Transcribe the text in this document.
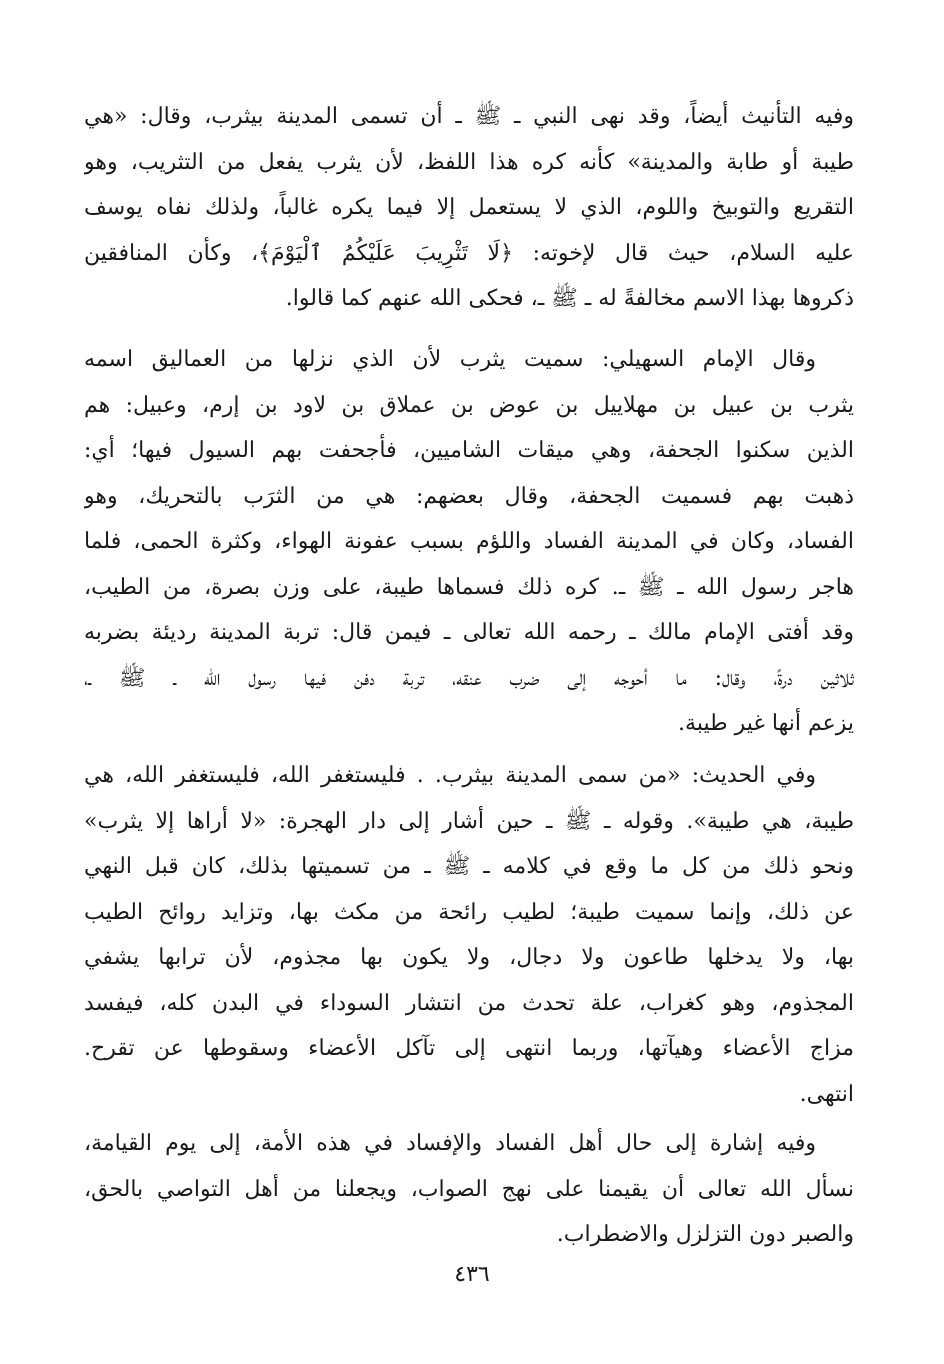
وفيه التأنيث أيضاً، وقد نهى النبي ـ ﷺ ـ أن تسمى المدينة بيثرب، وقال: «هي
طيبة أو طابة والمدينة» كأنه كره هذا اللفظ، لأن يثرب يفعل من التثريب، وهو
التقريع والتوبيخ واللوم، الذي لا يستعمل إلا فيما يكره غالباً، ولذلك نفاه يوسف
عليه السلام، حيث قال لإخوته: ﴿لَا تَثْرِيبَ عَلَيْكُمُ ٱلْيَوْمَ﴾، وكأن المنافقين
ذكروها بهذا الاسم مخالفةً له ـ ﷺ ـ، فحكى الله عنهم كما قالوا.
وقال الإمام السهيلي: سميت يثرب لأن الذي نزلها من العماليق اسمه
يثرب بن عبيل بن مهلاييل بن عوض بن عملاق بن لاود بن إرم، وعبيل: هم
الذين سكنوا الجحفة، وهي ميقات الشاميين، فأجحفت بهم السيول فيها؛ أي:
ذهبت بهم فسميت الجحفة، وقال بعضهم: هي من الثرَب بالتحريك، وهو
الفساد، وكان في المدينة الفساد واللؤم بسبب عفونة الهواء، وكثرة الحمى، فلما
هاجر رسول الله ـ ﷺ ـ. كره ذلك فسماها طيبة، على وزن بصرة، من الطيب،
وقد أفتى الإمام مالك ـ رحمه الله تعالى ـ فيمن قال: تربة المدينة رديئة بضربه
ثلاثين درةً، وقال: ما أحوجه إلى ضرب عنقه، تربة دفن فيها رسول الله ـ ﷺ ـ،
يزعم أنها غير طيبة.
وفي الحديث: «من سمى المدينة بيثرب. . فليستغفر الله، فليستغفر الله، هي
طيبة، هي طيبة». وقوله ـ ﷺ ـ حين أشار إلى دار الهجرة: «لا أراها إلا يثرب»
ونحو ذلك من كل ما وقع في كلامه ـ ﷺ ـ من تسميتها بذلك، كان قبل النهي
عن ذلك، وإنما سميت طيبة؛ لطيب رائحة من مكث بها، وتزايد روائح الطيب
بها، ولا يدخلها طاعون ولا دجال، ولا يكون بها مجذوم، لأن ترابها يشفي
المجذوم، وهو كغراب، علة تحدث من انتشار السوداء في البدن كله، فيفسد
مزاج الأعضاء وهيآتها، وربما انتهى إلى تآكل الأعضاء وسقوطها عن تقرح.
انتهى.
وفيه إشارة إلى حال أهل الفساد والإفساد في هذه الأمة، إلى يوم القيامة،
نسأل الله تعالى أن يقيمنا على نهج الصواب، ويجعلنا من أهل التواصي بالحق،
والصبر دون التزلزل والاضطراب.
٤٣٦
